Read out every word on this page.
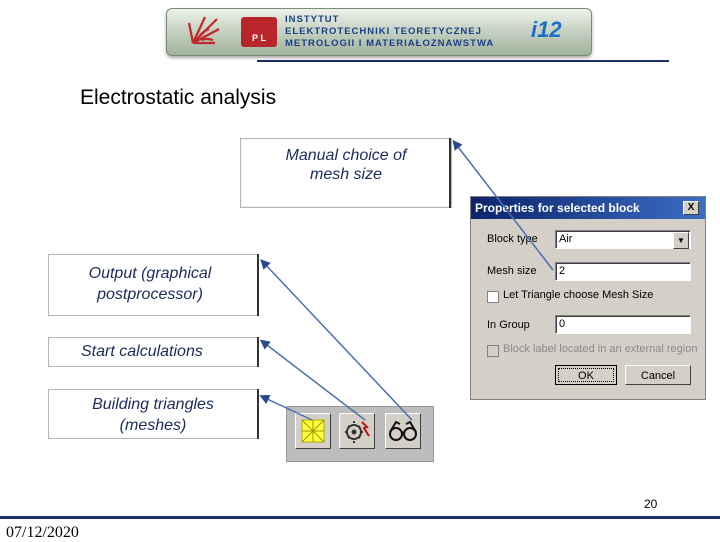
P L
INSTYTUT
ELEKTROTECHNIKI TEORETYCZNEJ
METROLOGII I MATERIAŁOZNAWSTWA
i12
Electrostatic analysis
Manual choice of mesh size
Output (graphical postprocessor)
Start calculations
Building triangles (meshes)
Properties for selected block	X
Block type	Air	▼
Mesh size	2
Let Triangle choose Mesh Size
In Group	0
Block label located in an external region
OK	Cancel
20
07/12/2020
